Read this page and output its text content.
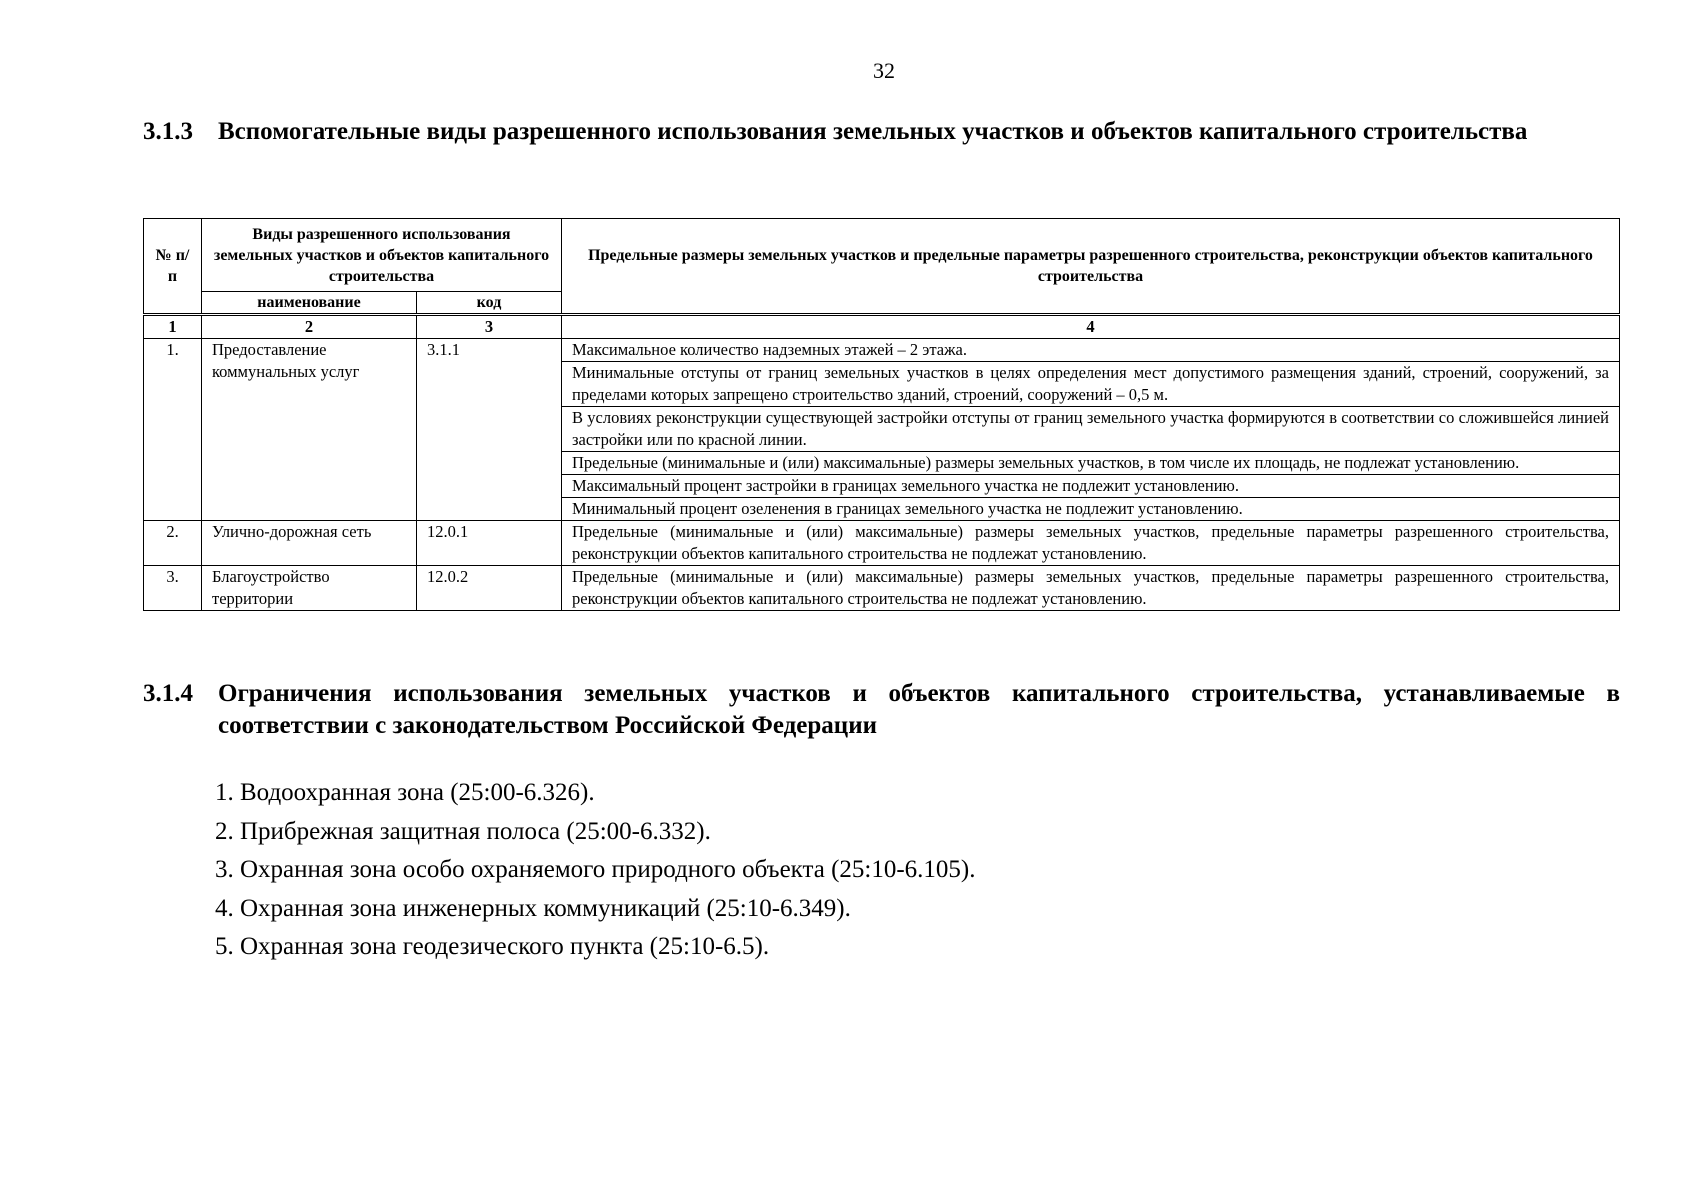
32
3.1.3	Вспомогательные виды разрешенного использования земельных участков и объектов капитального строительства
№ п/п	Виды разрешенного использования земельных участков и объектов капитального строительства		Предельные размеры земельных участков и предельные параметры разрешенного строительства, реконструкции объектов капитального строительства
	наименование	код	
1	2	3	4
1.	Предоставление коммунальных услуг	3.1.1	Максимальное количество надземных этажей – 2 этажа.
			Минимальные отступы от границ земельных участков в целях определения мест допустимого размещения зданий, строений, сооружений, за пределами которых запрещено строительство зданий, строений, сооружений – 0,5 м.
			В условиях реконструкции существующей застройки отступы от границ земельного участка формируются в соответствии со сложившейся линией застройки или по красной линии.
			Предельные (минимальные и (или) максимальные) размеры земельных участков, в том числе их площадь, не подлежат установлению.
			Максимальный процент застройки в границах земельного участка не подлежит установлению.
			Минимальный процент озеленения в границах земельного участка не подлежит установлению.
2.	Улично-дорожная сеть	12.0.1	Предельные (минимальные и (или) максимальные) размеры земельных участков, предельные параметры разрешенного строительства, реконструкции объектов капитального строительства не подлежат установлению.
3.	Благоустройство территории	12.0.2	Предельные (минимальные и (или) максимальные) размеры земельных участков, предельные параметры разрешенного строительства, реконструкции объектов капитального строительства не подлежат установлению.
3.1.4	Ограничения использования земельных участков и объектов капитального строительства, устанавливаемые в соответствии с законодательством Российской Федерации
1. Водоохранная зона (25:00-6.326).
2. Прибрежная защитная полоса (25:00-6.332).
3. Охранная зона особо охраняемого природного объекта (25:10-6.105).
4. Охранная зона инженерных коммуникаций (25:10-6.349).
5. Охранная зона геодезического пункта (25:10-6.5).
